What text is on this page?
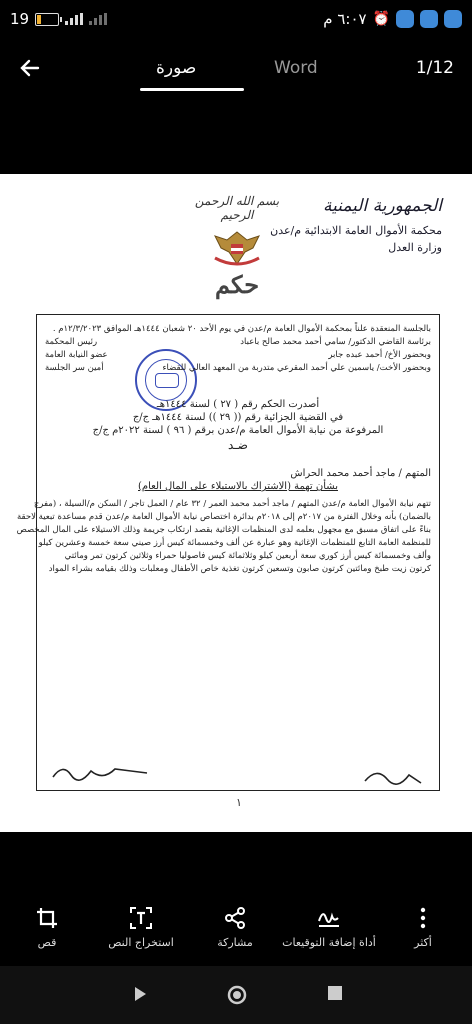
19	٦:٠٧ م ⏰
صورة	Word	1/12
الجمهورية اليمنية
محكمة الأموال العامة الابتدائية م/عدن
وزارة العدل
بسم الله الرحمن الرحيم
حكم
بالجلسة المنعقدة علناً بمحكمة الأموال العامة م/عدن في يوم الأحد ٢٠ شعبان ١٤٤٤هـ الموافق ١٢/٣/٢٠٢٣م .
برئاسة القاضي الدكتور/ سامي أحمد محمد صالح باعباد
رئيس المحكمة
وبحضور الأخ/ أحمد عبده جابر
عضو النيابة العامة
وبحضور الأخت/ ياسمين علي أحمد المقرعي متدربة من المعهد العالي للقضاء
أمين سر الجلسة
أصدرت الحكم رقم ( ٢٧ ) لسنة ١٤٤٤هـ
في القضية الجزائية رقم (( ٢٩ )) لسنة ١٤٤٤هـ ج/ج
المرفوعة من نيابة الأموال العامة م/عدن برقم ( ٩٦ ) لسنة ٢٠٢٢م ج/ج
ضـد
المتهم / ماجد أحمد محمد الحراش
بشأن تهمة (الاشتراك بالاستيلاء على المال العام)
تتهم نيابة الأموال العامة م/عدن المتهم / ماجد أحمد محمد العمر / ٣٢ عام / العمل تاجر / السكن م/السيلة ، (مفرج
بالضمان) بأنه وخلال الفترة من ٢٠١٧م إلى ٢٠١٨م بدائرة اختصاص نيابة الأموال العامة م/عدن قدم مساعدة تبعية لاحقة
بناءً على اتفاق مسبق مع مجهول بعلمه لدى المنظمات الإغاثية بقصد ارتكاب جريمة وذلك الاستيلاء على المال المخصص
للمنظمة العامة التابع للمنظمات الإغاثية وهو عبارة عن ألف وخمسمائة كيس أرز صيني سعة خمسة وعشرين كيلو
وألف وخمسمائة كيس أرز كوري سعة أربعين كيلو وثلاثمائة كيس فاصوليا حمراء وثلاثين كرتون تمر ومائتي
كرتون زيت طبخ ومائتين كرتون صابون وتسعين كرتون تغذية خاص الأطفال ومعلبات وذلك بقيامه بشراء المواد
١
قص	استخراج النص	مشاركة	أداة إضافة التوقيعات	أكثر
